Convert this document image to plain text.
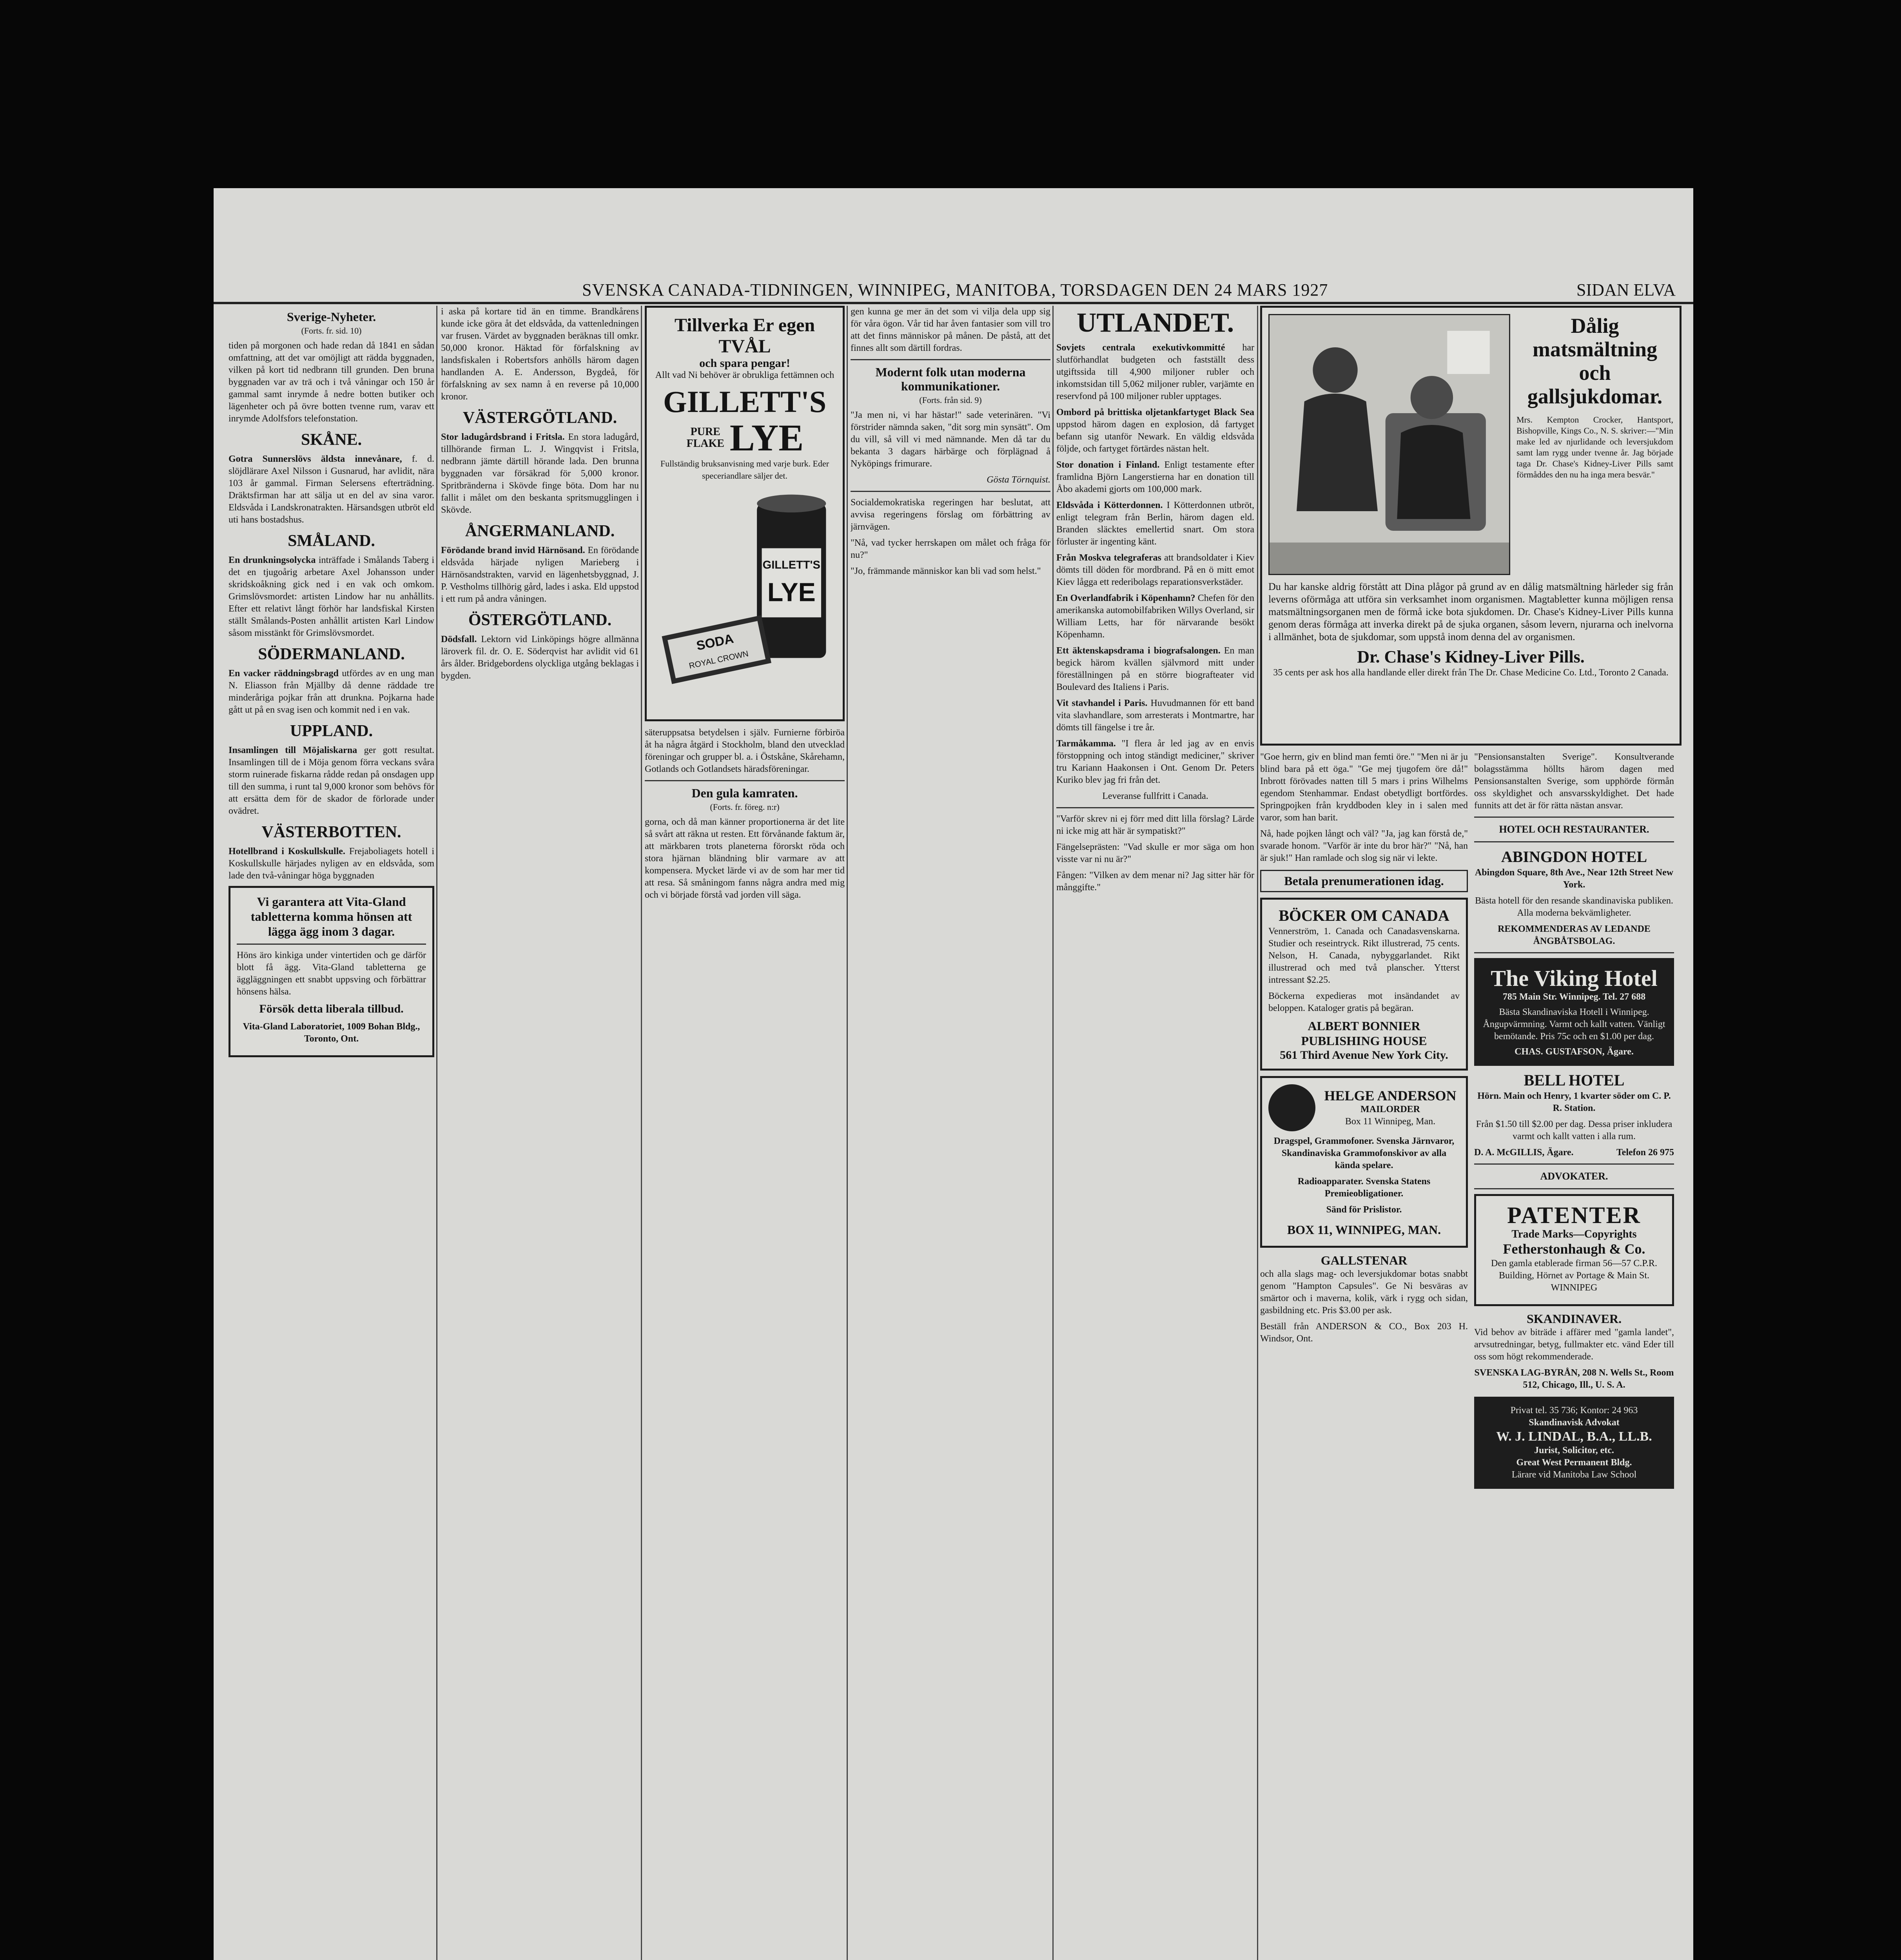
SVENSKA CANADA-TIDNINGEN, WINNIPEG, MANITOBA, TORSDAGEN DEN 24 MARS 1927	SIDAN ELVA
Sverige-Nyheter.
(Forts. fr. sid. 10)

tiden på morgonen och hade redan då 1841 en sådan omfattning, att det var omöjligt att rädda byggnaden, vilken på kort tid nedbrann till grunden. Den bruna byggnaden var av trä och i två våningar och 150 år gammal samt inrymde å nedre botten butiker och lägenheter och på övre botten tvenne rum, varav ett inrymde Adolfsfors telefonstation.

SKÅNE.

Gotra Sunnerslövs äldsta innevånare, f. d. slöjdlärare Axel Nilsson i Gusnarud, har avlidit, nära 103 år gammal. Firman Selersens efterträdning. Dräktsfirman har att sälja ut en del av sina varor. Eldsvåda i Landskronatrakten. Härsandsgen utbröt eld uti hans bostadshus.

SMÅLAND.

En drunkningsolycka inträffade i Smålands Taberg i det en tjugoårig arbetare Axel Johansson under skridskoåkning gick ned i en vak och omkom. Grimslövsmordet: artisten Lindow har nu anhållits. Efter ett relativt långt förhör har landsfiskal Kirsten ställt Smålands-Posten anhållit artisten Karl Lindow såsom misstänkt för Grimslövsmordet.

SÖDERMANLAND.

En vacker räddningsbragd utfördes av en ung man N. Eliasson från Mjällby då denne räddade tre minderåriga pojkar från att drunkna. Pojkarna hade gått ut på en svag isen och kommit ned i en vak.

UPPLAND.

Insamlingen till Möjaliskarna ger gott resultat. Insamlingen till de i Möja genom förra veckans svåra storm ruinerade fiskarna rådde redan på onsdagen upp till den summa, i runt tal 9,000 kronor som behövs för att ersätta dem för de skador de förlorade under ovädret.

VÄSTERBOTTEN.

Hotellbrand i Koskullskulle. Frejaboliagets hotell i Koskullskulle härjades nyligen av en eldsvåda, som lade den två-våningar höga byggnaden

Vi garantera att Vita-Gland tabletterna komma hönsen att lägga ägg inom 3 dagar.

Höns äro kinkiga under vintertiden och ge därför blott få ägg. Vita-Gland tabletterna ge äggläggningen ett snabbt uppsving och förbättrar hönsens hälsa.

Försök detta liberala tillbud.

Vita-Gland Laboratoriet, 1009 Bohan Bldg., Toronto, Ont.

i aska på kortare tid än en timme. Brandkårens kunde icke göra åt det eldsvåda, da vattenledningen var frusen. Värdet av byggnaden beräknas till omkr. 50,000 kronor. Häktad för förfalskning av landsfiskalen i Robertsfors anhölls härom dagen handlanden A. E. Andersson, Bygdeå, för förfalskning av sex namn å en reverse på 10,000 kronor.

VÄSTERGÖTLAND.

Stor ladugårdsbrand i Fritsla. En stora ladugård, tillhörande firman L. J. Wingqvist i Fritsla, nedbrann jämte därtill hörande lada. Den brunna byggnaden var försäkrad för 5,000 kronor. Spritbränderna i Skövde finge böta. Dom har nu fallit i målet om den beskanta spritsmugglingen i Skövde.

ÅNGERMANLAND.

Förödande brand invid Härnösand. En förödande eldsvåda härjade nyligen Marieberg i Härnösandstrakten, varvid en lägenhetsbyggnad, J. P. Vestholms tillhörig gård, lades i aska. Eld uppstod i ett rum på andra våningen.

ÖSTERGÖTLAND.

Dödsfall. Lektorn vid Linköpings högre allmänna läroverk fil. dr. O. E. Söderqvist har avlidit vid 61 års ålder. Bridgebordens olyckliga utgång beklagas i bygden.

Tillverka Er egen TVÅL
och spara pengar!

Allt vad Ni behöver är obrukliga fettämnen och

GILLETT'S
PURE FLAKE LYE

Fullständig bruksanvisning med varje burk. Eder speceriandlare säljer det.

GILLETT'S
LYE
SODA
ROYAL CROWN

säteruppsatsa betydelsen i själv. Furnierne förbiröa åt ha några åtgärd i Stockholm, bland den utvecklad föreningar och grupper bl. a. i Östskåne, Skårehamn, Gotlands och Gotlandsets häradsföreningar.

Den gula kamraten.
(Forts. fr. föreg. n:r)

gorna, och då man känner proportionerna är det lite så svårt att räkna ut resten. Ett förvånande faktum är, att märkbaren trots planeterna förorskt röda och stora hjärnan bländning blir varmare av att kompensera. Mycket lärde vi av de som har mer tid att resa. Så småningom fanns några andra med mig och vi började förstå vad jorden vill säga.

gen kunna ge mer än det som vi vilja dela upp sig för våra ögon. Vår tid har åven fantasier som vill tro att det finns människor på månen. De påstå, att det finnes allt som därtill fordras.

Modernt folk utan moderna kommunikationer.
(Forts. från sid. 9)

"Ja men ni, vi har hästar!" sade veterinären. "Vi förstrider nämnda saken, "dit sorg min synsätt". Om du vill, så vill vi med nämnande. Men då tar du bekanta 3 dagars härbärge och förplägnad å Nyköpings frimurare.

Gösta Törnquist.

Socialdemokratiska regeringen har beslutat, att avvisa regeringens förslag om förbättring av järnvägen.

"Nå, vad tycker herrskapen om målet och fråga för nu?"

"Jo, främmande människor kan bli vad som helst."

UTLANDET.

Sovjets centrala exekutivkommitté har slutförhandlat budgeten och fastställt dess utgiftssida till 4,900 miljoner rubler och inkomstsidan till 5,062 miljoner rubler, varjämte en reservfond på 100 miljoner rubler upptages.

Ombord på brittiska oljetankfartyget Black Sea uppstod härom dagen en explosion, då fartyget befann sig utanför Newark. En väldig eldsvåda följde, och fartyget förtärdes nästan helt.

Stor donation i Finland. Enligt testamente efter framlidna Björn Langerstierna har en donation till Åbo akademi gjorts om 100,000 mark.

Eldsvåda i Kötterdonnen. I Kötterdonnen utbröt, enligt telegram från Berlin, härom dagen eld. Branden släcktes emellertid snart. Om stora förluster är ingenting känt.

Från Moskva telegraferas att brandsoldater i Kiev dömts till döden för mordbrand. På en ö mitt emot Kiev lågga ett rederibolags reparationsverkstäder.

En Overlandfabrik i Köpenhamn? Chefen för den amerikanska automobilfabriken Willys Overland, sir William Letts, har för närvarande besökt Köpenhamn.

Ett äktenskapsdrama i biografsalongen. En man begick härom kvällen självmord mitt under föreställningen på en större biografteater vid Boulevard des Italiens i Paris.

Vit stavhandel i Paris. Huvudmannen för ett band vita slavhandlare, som arresterats i Montmartre, har dömts till fängelse i tre år.

Tarmåkamma. "I flera år led jag av en envis förstoppning och intog ständigt mediciner," skriver tru Kariann Haakonsen i Ont. Genom Dr. Peters Kuriko blev jag fri från det.

Leveranse fullfritt i Canada.

"Varför skrev ni ej förr med ditt lilla förslag? Lärde ni icke mig att här är sympatiskt?"

Fängelseprästen: "Vad skulle er mor säga om hon visste var ni nu är?"

Fången: "Vilken av dem menar ni? Jag sitter här för månggifte."

Dålig matsmältning
och gallsjukdomar.

Mrs. Kempton Crocker, Hantsport, Bishopville, Kings Co., N. S. skriver:—"Min make led av njurlidande och leversjukdom samt lam rygg under tvenne år. Jag började taga Dr. Chase's Kidney-Liver Pills samt förmåddes den nu ha inga mera besvär."

Du har kanske aldrig förstått att Dina plågor på grund av en dålig matsmältning härleder sig från leverns oförmåga att utföra sin verksamhet inom organismen. Magtabletter kunna möjligen rensa matsmältningsorganen men de förmå icke bota sjukdomen. Dr. Chase's Kidney-Liver Pills kunna genom deras förmåga att inverka direkt på de sjuka organen, såsom levern, njurarna och inelvorna i allmänhet, bota de sjukdomar, som uppstå inom denna del av organismen.

Dr. Chase's Kidney-Liver Pills.

35 cents per ask hos alla handlande eller direkt från The Dr. Chase Medicine Co. Ltd., Toronto 2 Canada.

"Goe herrn, giv en blind man femti öre." "Men ni är ju blind bara på ett öga." "Ge mej tjugofem öre då!" Inbrott förövades natten till 5 mars i prins Wilhelms egendom Stenhammar. Endast obetydligt bortfördes. Springpojken från kryddboden kley in i salen med varor, som han barit.

Nå, hade pojken långt och väl? "Ja, jag kan förstå de," svarade honom. "Varför är inte du bror här?" "Nå, han är sjuk!" Han ramlade och slog sig när vi lekte.

Betala prenumerationen idag.
BÖCKER OM CANADA

Vennerström, 1. Canada och Canadasvenskarna. Studier och reseintryck. Rikt illustrerad, 75 cents. Nelson, H. Canada, nybyggarlandet. Rikt illustrerad och med två planscher. Ytterst intressant $2.25.

Böckerna expedieras mot insändandet av beloppen. Kataloger gratis på begäran.

ALBERT BONNIER PUBLISHING HOUSE
561 Third Avenue New York City.
HELGE ANDERSON
MAILORDER
Box 11 Winnipeg, Man.

Dragspel, Grammofoner. Svenska Järnvaror, Skandinaviska Grammofonskivor av alla kända spelare.

Radioapparater. Svenska Statens Premieobligationer.

Sänd för Prislistor.

BOX 11, WINNIPEG, MAN.
GALLSTENAR

och alla slags mag- och leversjukdomar botas snabbt genom "Hampton Capsules". Ge Ni besväras av smärtor och i maverna, kolik, värk i rygg och sidan, gasbildning etc. Pris $3.00 per ask.

Beställ från ANDERSON & CO., Box 203 H. Windsor, Ont.

"Pensionsanstalten Sverige". Konsultverande bolagsstämma höllts härom dagen med Pensionsanstalten Sverige, som upphörde förmån oss skyldighet och ansvarsskyldighet. Det hade funnits att det är för rätta nästan ansvar.

HOTEL OCH RESTAURANTER.
ABINGDON HOTEL

Abingdon Square, 8th Ave., Near 12th Street New York.

Bästa hotell för den resande skandinaviska publiken. Alla moderna bekvämligheter.

REKOMMENDERAS AV LEDANDE ÅNGBÅTSBOLAG.

The Viking Hotel
785 Main Str. Winnipeg. Tel. 27 688
Bästa Skandinaviska Hotell i Winnipeg. Ångupvärmning. Varmt och kallt vatten. Vänligt bemötande. Pris 75c och en $1.00 per dag.
CHAS. GUSTAFSON, Ägare.
BELL HOTEL

Hörn. Main och Henry, 1 kvarter söder om C. P. R. Station.

Från $1.50 till $2.00 per dag. Dessa priser inkludera varmt och kallt vatten i alla rum.

D. A. McGILLIS, Ägare.	Telefon 26 975
ADVOKATER.
PATENTER
Trade Marks—Copyrights
Fetherstonhaugh & Co.

Den gamla etablerade firman 56—57 C.P.R. Building, Hörnet av Portage & Main St. WINNIPEG

SKANDINAVER.

Vid behov av biträde i affärer med "gamla landet", arvsutredningar, betyg, fullmakter etc. vänd Eder till oss som högt rekommenderade.

SVENSKA LAG-BYRÅN, 208 N. Wells St., Room 512, Chicago, Ill., U. S. A.

Privat tel. 35 736; Kontor: 24 963
Skandinavisk Advokat
W. J. LINDAL, B.A., LL.B.
Jurist, Solicitor, etc.
Great West Permanent Bldg.
Lärare vid Manitoba Law School
